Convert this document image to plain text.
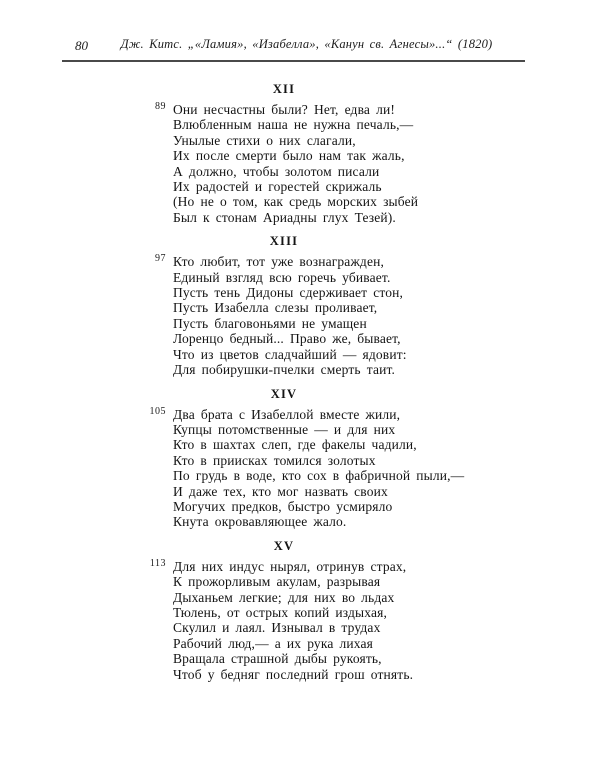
80	Дж. Китс. „«Ламия», «Изабелла», «Канун св. Агнесы»...“ (1820)
XII
89 Они несчастны были? Нет, едва ли!
Влюбленным наша не нужна печаль,—
Унылые стихи о них слагали,
Их после смерти было нам так жаль,
А должно, чтобы золотом писали
Их радостей и горестей скрижаль
(Но не о том, как средь морских зыбей
Был к стонам Ариадны глух Тезей).
XIII
97 Кто любит, тот уже вознагражден,
Единый взгляд всю горечь убивает.
Пусть тень Дидоны сдерживает стон,
Пусть Изабелла слезы проливает,
Пусть благовоньями не умащен
Лоренцо бедный... Право же, бывает,
Что из цветов сладчайший — ядовит:
Для побирушки-пчелки смерть таит.
XIV
105 Два брата с Изабеллой вместе жили,
Купцы потомственные — и для них
Кто в шахтах слеп, где факелы чадили,
Кто в приисках томился золотых
По грудь в воде, кто сох в фабричной пыли,—
И даже тех, кто мог назвать своих
Могучих предков, быстро усмиряло
Кнута окровавляющее жало.
XV
113 Для них индус нырял, отринув страх,
К прожорливым акулам, разрывая
Дыханьем легкие; для них во льдах
Тюлень, от острых копий издыхая,
Скулил и лаял. Изнывал в трудах
Рабочий люд,— а их рука лихая
Вращала страшной дыбы рукоять,
Чтоб у бедняг последний грош отнять.
